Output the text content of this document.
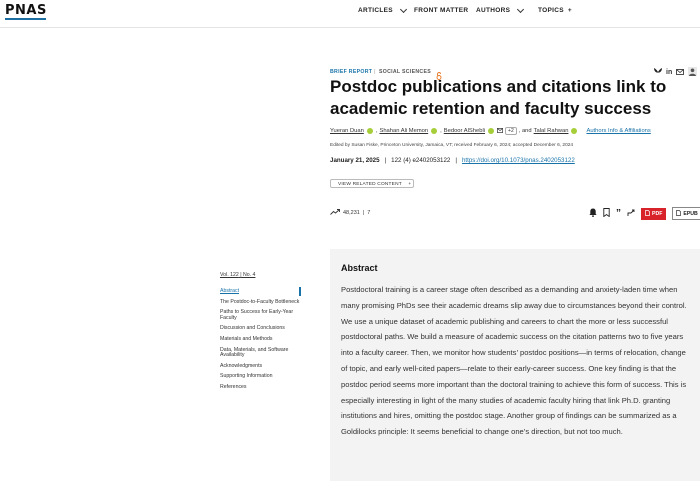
PNAS	ARTICLES	FRONT MATTER AUTHORS	TOPICS +
BRIEF REPORT | SOCIAL SCIENCES	in
Postdoc publications and citations link to academic retention and faculty success
Yueran Duan , Shahan Ali Memon , Bedoor AlShebli	+2 , and Talal Rahwan	Authors Info & Affiliations
Edited by Susan Fiske, Princeton University, Jamaica, VT; received February 6, 2024; accepted December 6, 2024
January 21, 2025 | 122 (4) e2402053122 | https://doi.org/10.1073/pnas.2402053122
VIEW RELATED CONTENT +
48,231 | 7	”	PDF	EPUB
Vol. 122 | No. 4
Abstract
The Postdoc-to-Faculty Bottleneck
Paths to Success for Early-Year Faculty
Discussion and Conclusions
Materials and Methods
Data, Materials, and Software Availability
Acknowledgments
Supporting Information
References
Abstract

Postdoctoral training is a career stage often described as a demanding and anxiety-laden time when many promising PhDs see their academic dreams slip away due to circumstances beyond their control. We use a unique dataset of academic publishing and careers to chart the more or less successful postdoctoral paths. We build a measure of academic success on the citation patterns two to five years into a faculty career. Then, we monitor how students’ postdoc positions—in terms of relocation, change of topic, and early well-cited papers—relate to their early-career success. One key finding is that the postdoc period seems more important than the doctoral training to achieve this form of success. This is especially interesting in light of the many studies of academic faculty hiring that link Ph.D. granting institutions and hires, omitting the postdoc stage. Another group of findings can be summarized as a Goldilocks principle: It seems beneficial to change one’s direction, but not too much.
